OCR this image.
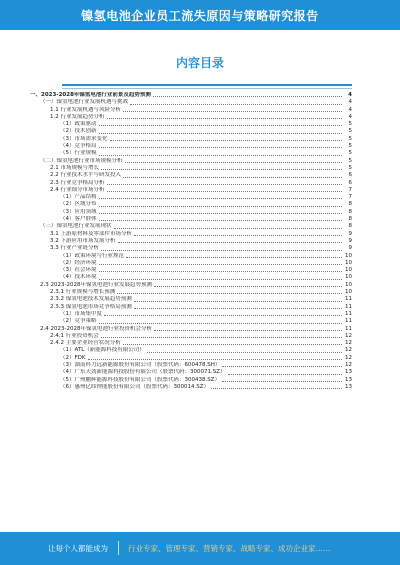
镍氢电池企业员工流失原因与策略研究报告
内容目录
一、2023-2028年镍氢电池行业前景及趋势预测	4
（一）镍氢电池行业发展机遇与挑战	4
1.1 行业发展机遇与风险分析	4
1.2 行业发展趋势分析	4
（1）政策驱动	5
（2）技术创新	5
（3）市场需求变化	5
（4）竞争格局	5
（5）行业规模	5
（二）镍氢电池行业市场规模分析	5
2.1 市场规模与增长	5
2.2 行业技术水平与研发投入	6
2.3 行业竞争格局分析	6
2.4 行业细分市场分析	7
（1）产品结构	7
（2）区域分布	8
（3）应用领域	8
（4）客户群体	8
（三）镍氢电池行业发展现状	8
3.1 上游原材料及零部件市场分析	9
3.2 下游应用市场发展分析	9
3.3 行业产业链分析	9
（1）政策环境与行业规范	10
（2）经济环境	10
（3）社会环境	10
（4）技术环境	10
2.3 2023-2028年镍氢电池行业发展趋势预测	10
2.3.1 行业规模与增长预测	10
2.3.2 镍氢电池技术发展趋势预测	11
2.3.3 镍氢电池市场竞争格局预测	11
（1）市场集中度	11
（2）竞争策略	11
2.4 2023-2028年镍氢电池行业投资机会分析	11
2.4.1 行业投资机会	12
2.4.2 主要企业经营状况分析	12
（1）ATL（新能源科技有限公司）	12
（2）FDK	12
（3）湖南科力远新能源股份有限公司（股票代码：600478.SH）	12
（4）广东天劲新能源科技股份有限公司（股票代码：300071.SZ）	13
（5）广州鹏辉能源科技股份有限公司（股票代码：300438.SZ）	13
（6）惠州亿纬锂能股份有限公司（股票代码：300014.SZ）	13
让每个人都能成为	行业专家、管理专家、营销专家、战略专家、成功企业家……
